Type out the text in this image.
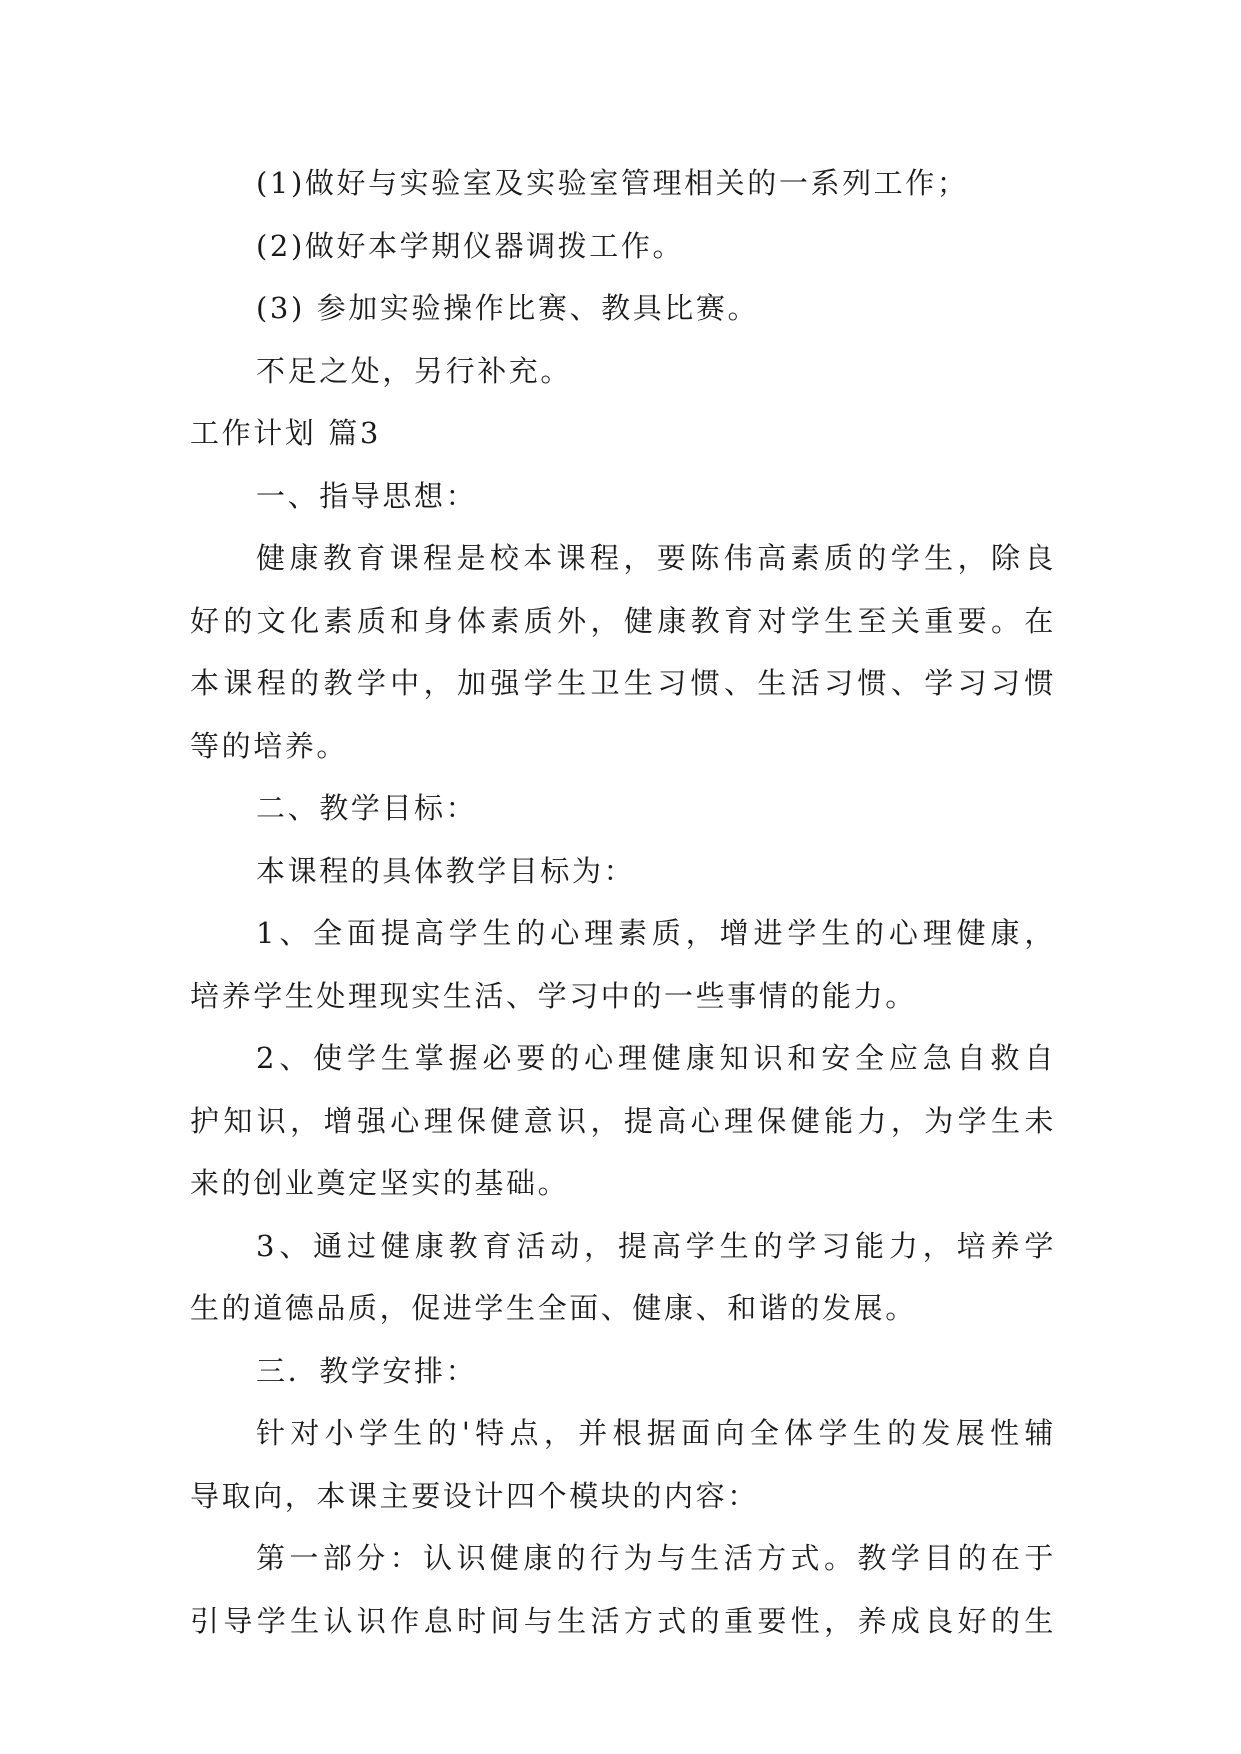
(1)做好与实验室及实验室管理相关的一系列工作；
(2)做好本学期仪器调拨工作。
(3) 参加实验操作比赛、教具比赛。
不足之处，另行补充。
工作计划 篇3
一、指导思想：
健康教育课程是校本课程，要陈伟高素质的学生，除良
好的文化素质和身体素质外，健康教育对学生至关重要。在
本课程的教学中，加强学生卫生习惯、生活习惯、学习习惯
等的培养。
二、教学目标：
本课程的具体教学目标为：
1、全面提高学生的心理素质，增进学生的心理健康，
培养学生处理现实生活、学习中的一些事情的能力。
2、使学生掌握必要的心理健康知识和安全应急自救自
护知识，增强心理保健意识，提高心理保健能力，为学生未
来的创业奠定坚实的基础。
3、通过健康教育活动，提高学生的学习能力，培养学
生的道德品质，促进学生全面、健康、和谐的发展。
三．教学安排：
针对小学生的'特点，并根据面向全体学生的发展性辅
导取向，本课主要设计四个模块的内容：
第一部分：认识健康的行为与生活方式。教学目的在于
引导学生认识作息时间与生活方式的重要性，养成良好的生
